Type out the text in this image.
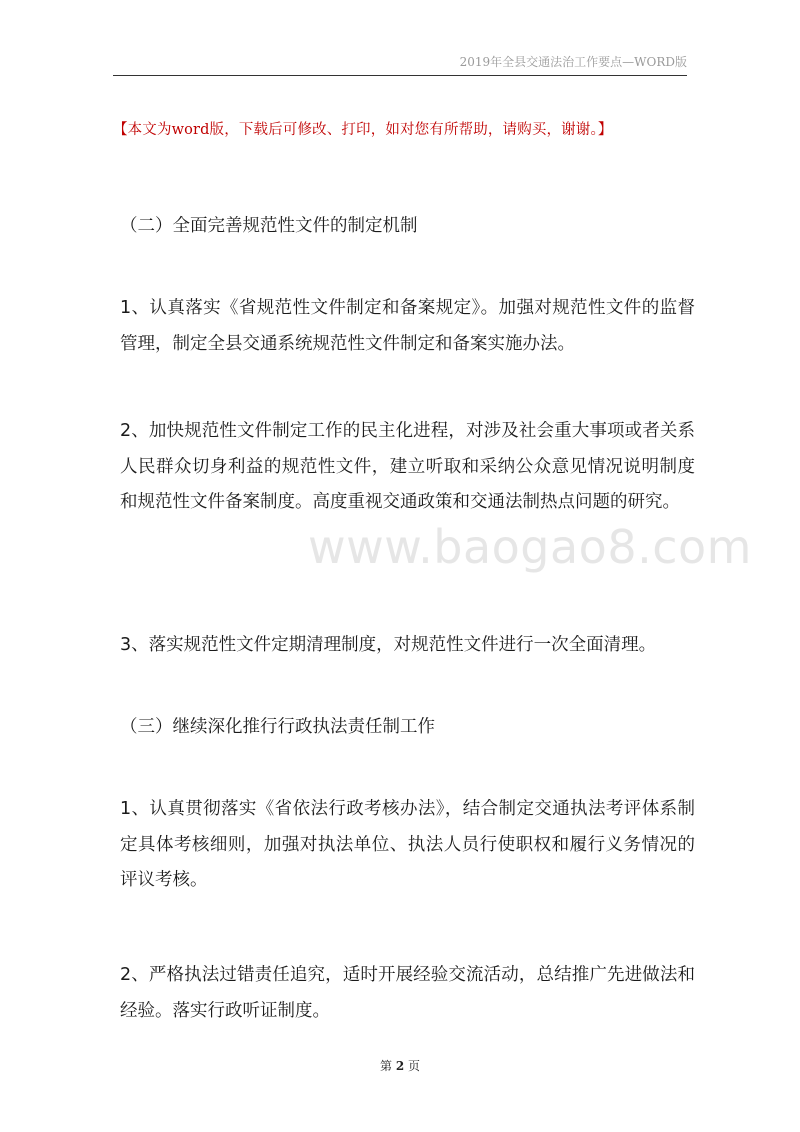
2019年全县交通法治工作要点—WORD版
【本文为word版，下载后可修改、打印，如对您有所帮助，请购买，谢谢。】
www.baogao8.com
（二）全面完善规范性文件的制定机制
1、认真落实《省规范性文件制定和备案规定》。加强对规范性文件的监督管理，制定全县交通系统规范性文件制定和备案实施办法。
2、加快规范性文件制定工作的民主化进程，对涉及社会重大事项或者关系人民群众切身利益的规范性文件，建立听取和采纳公众意见情况说明制度和规范性文件备案制度。高度重视交通政策和交通法制热点问题的研究。
3、落实规范性文件定期清理制度，对规范性文件进行一次全面清理。
（三）继续深化推行行政执法责任制工作
1、认真贯彻落实《省依法行政考核办法》，结合制定交通执法考评体系制定具体考核细则，加强对执法单位、执法人员行使职权和履行义务情况的评议考核。
2、严格执法过错责任追究，适时开展经验交流活动，总结推广先进做法和经验。落实行政听证制度。
第 2 页
